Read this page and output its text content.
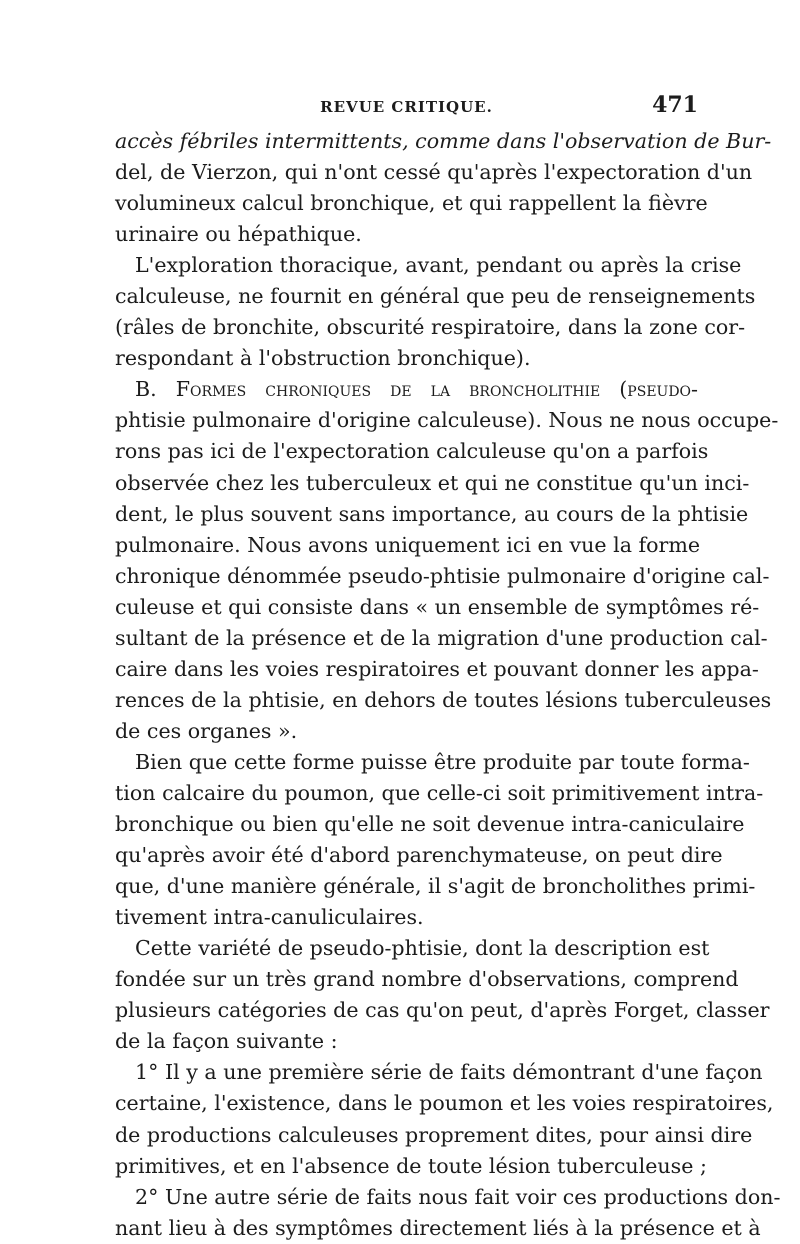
REVUE CRITIQUE.	471
accès fébriles intermittents, comme dans l'observation de Bur-
del, de Vierzon, qui n'ont cessé qu'après l'expectoration d'un
volumineux calcul bronchique, et qui rappellent la fièvre
urinaire ou hépathique.
L'exploration thoracique, avant, pendant ou après la crise
calculeuse, ne fournit en général que peu de renseignements
(râles de bronchite, obscurité respiratoire, dans la zone cor-
respondant à l'obstruction bronchique).
B. Formes chroniques de la broncholithie (pseudo-
phtisie pulmonaire d'origine calculeuse). Nous ne nous occupe-
rons pas ici de l'expectoration calculeuse qu'on a parfois
observée chez les tuberculeux et qui ne constitue qu'un inci-
dent, le plus souvent sans importance, au cours de la phtisie
pulmonaire. Nous avons uniquement ici en vue la forme
chronique dénommée pseudo-phtisie pulmonaire d'origine cal-
culeuse et qui consiste dans « un ensemble de symptômes ré-
sultant de la présence et de la migration d'une production cal-
caire dans les voies respiratoires et pouvant donner les appa-
rences de la phtisie, en dehors de toutes lésions tuberculeuses
de ces organes ».
Bien que cette forme puisse être produite par toute forma-
tion calcaire du poumon, que celle-ci soit primitivement intra-
bronchique ou bien qu'elle ne soit devenue intra-caniculaire
qu'après avoir été d'abord parenchymateuse, on peut dire
que, d'une manière générale, il s'agit de broncholithes primi-
tivement intra-canuliculaires.
Cette variété de pseudo-phtisie, dont la description est
fondée sur un très grand nombre d'observations, comprend
plusieurs catégories de cas qu'on peut, d'après Forget, classer
de la façon suivante :
1° Il y a une première série de faits démontrant d'une façon
certaine, l'existence, dans le poumon et les voies respiratoires,
de productions calculeuses proprement dites, pour ainsi dire
primitives, et en l'absence de toute lésion tuberculeuse ;
2° Une autre série de faits nous fait voir ces productions don-
nant lieu à des symptômes directement liés à la présence et à
